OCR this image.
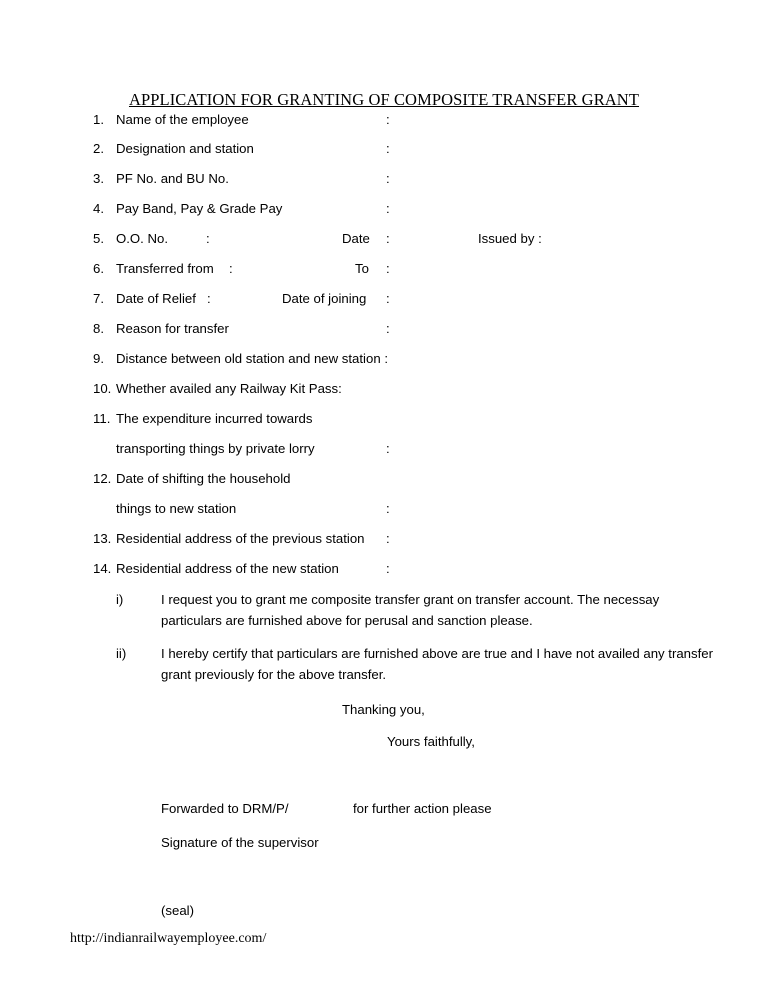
APPLICATION FOR GRANTING OF COMPOSITE TRANSFER GRANT
1. Name of the employee	:
2. Designation and station	:
3. PF No. and BU No.	:
4. Pay Band, Pay & Grade Pay	:
5. O.O. No.	:	Date :	Issued by :
6. Transferred from :	To :
7. Date of Relief :	Date of joining :
8. Reason for transfer	:
9. Distance between old station and new station :
10. Whether availed any Railway Kit Pass:
11. The expenditure incurred towards
transporting things by private lorry	:
12. Date of shifting the household
things to new station	:
13. Residential address of the previous station :
14. Residential address of the new station	:
i)	I request you to grant me composite transfer grant on transfer account. The necessay particulars are furnished above for perusal and sanction please.
ii)	I hereby certify that particulars are furnished above are true and I have not availed any transfer grant previously for the above transfer.
Thanking you,
Yours faithfully,
Forwarded to DRM/P/	for further action please
Signature of the supervisor
(seal)
http://indianrailwayemployee.com/
